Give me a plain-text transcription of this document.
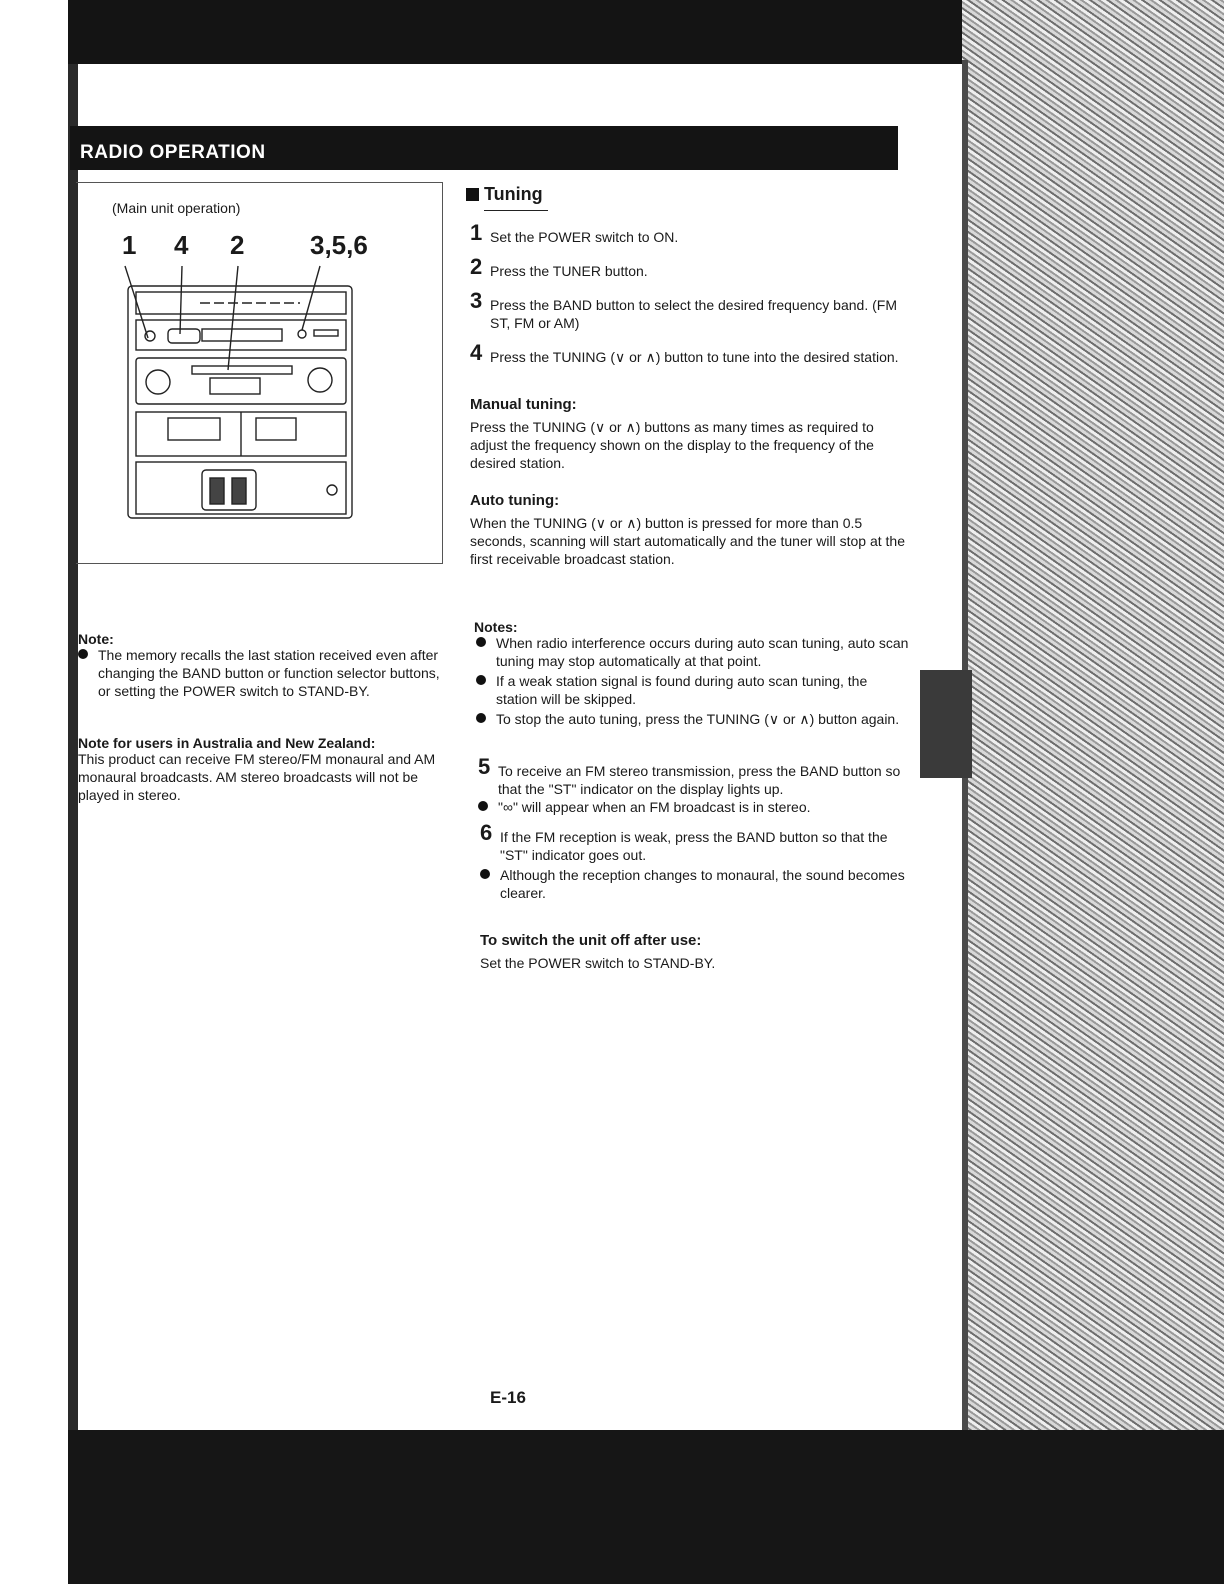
RADIO OPERATION
(Main unit operation)
1 4 2	3,5,6
Tuning
1 Set the POWER switch to ON.
2 Press the TUNER button.
3 Press the BAND button to select the desired frequency band. (FM ST, FM or AM)
4 Press the TUNING (∨ or ∧) button to tune into the desired station.
Manual tuning:
Press the TUNING (∨ or ∧) buttons as many times as required to adjust the frequency shown on the display to the frequency of the desired station.
Auto tuning:
When the TUNING (∨ or ∧) button is pressed for more than 0.5 seconds, scanning will start automatically and the tuner will stop at the first receivable broadcast station.
Note:
The memory recalls the last station received even after changing the BAND button or function selector buttons, or setting the POWER switch to STAND-BY.
Note for users in Australia and New Zealand:
This product can receive FM stereo/FM monaural and AM monaural broadcasts. AM stereo broadcasts will not be played in stereo.
Notes:
When radio interference occurs during auto scan tuning, auto scan tuning may stop automatically at that point.
If a weak station signal is found during auto scan tuning, the station will be skipped.
To stop the auto tuning, press the TUNING (∨ or ∧) button again.
5 To receive an FM stereo transmission, press the BAND button so that the "ST" indicator on the display lights up.
"∞" will appear when an FM broadcast is in stereo.
6 If the FM reception is weak, press the BAND button so that the "ST" indicator goes out.
Although the reception changes to monaural, the sound becomes clearer.
To switch the unit off after use:
Set the POWER switch to STAND-BY.
E-16
